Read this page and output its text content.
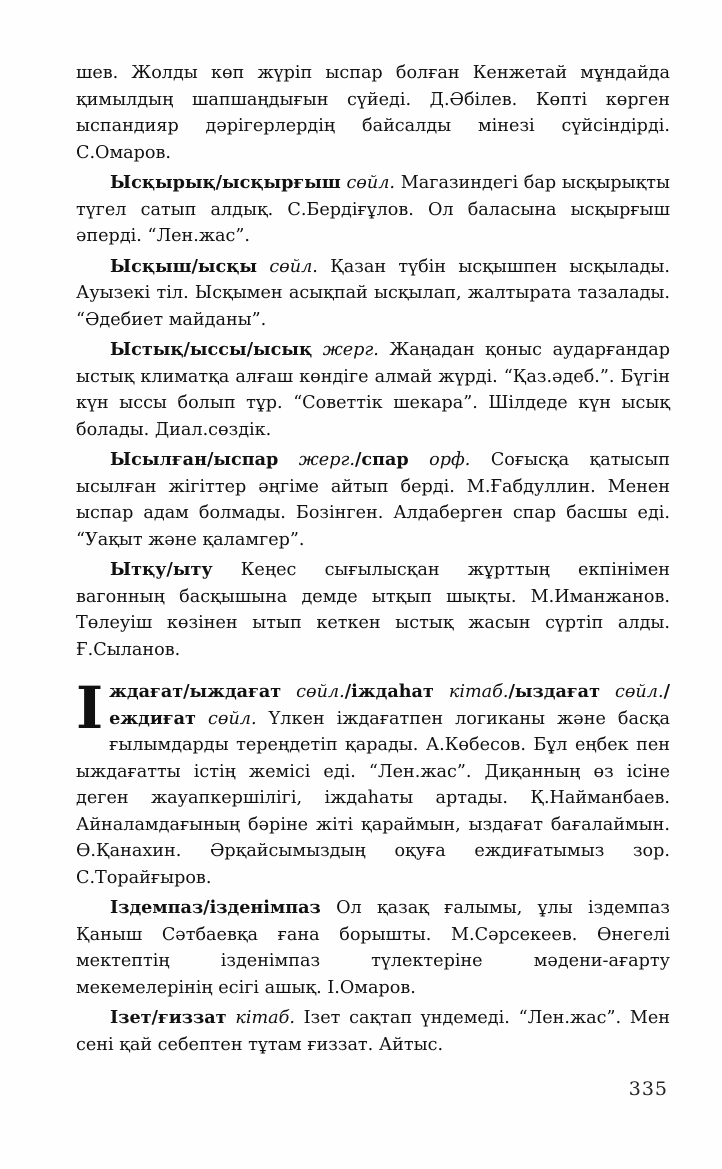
шев. Жолды көп жүріп ыспар болған Кенжетай мұндайда қимылдың шапшаңдығын сүйеді. Д.Әбілев. Көпті көрген ыспандияр дәрігерлердің байсалды мінезі сүйсіндірді. С.Омаров.

Ысқырық/ысқырғыш сөйл. Магазиндегі бар ысқырықты түгел сатып алдық. С.Бердіғұлов. Ол баласына ысқырғыш әперді. “Лен.жас”.

Ысқыш/ысқы сөйл. Қазан түбін ысқышпен ысқылады. Ауызекі тіл. Ысқымен асықпай ысқылап, жалтырата тазалады. “Әдебиет майданы”.

Ыстық/ыссы/ысық жерг. Жаңадан қоныс аударғандар ыстық климатқа алғаш көндіге алмай жүрді. “Қаз.әдеб.”. Бүгін күн ыссы болып тұр. “Советтік шекара”. Шілдеде күн ысық болады. Диал.сөздік.

Ысылған/ыспар жерг./спар орф. Соғысқа қатысып ысылған жігіттер әңгіме айтып берді. М.Ғабдуллин. Менен ыспар адам болмады. Бозінген. Алдаберген спар басшы еді. “Уақыт және қаламгер”.

Ытқу/ыту Кеңес сығылысқан жұрттың екпінімен вагонның басқышына демде ытқып шықты. М.Иманжанов. Төлеуіш көзінен ытып кеткен ыстық жасын сүртіп алды. Ғ.Сыланов.

Іждағат/ыждағат сөйл./іждаһат кітаб./ыздағат сөйл./еждиғат сөйл. Үлкен іждағатпен логиканы және басқа ғылымдарды тереңдетіп қарады. А.Көбесов. Бұл еңбек пен ыждағатты істің жемісі еді. “Лен.жас”. Диқанның өз ісіне деген жауапкершілігі, іждаһаты артады. Қ.Найманбаев. Айналамдағының бәріне жіті қараймын, ыздағат бағалаймын. Ө.Қанахин. Әрқайсымыздың оқуға еждиғатымыз зор. С.Торайғыров.

Іздемпаз/ізденімпаз Ол қазақ ғалымы, ұлы іздемпаз Қаныш Сәтбаевқа ғана борышты. М.Сәрсекеев. Өнегелі мектептің ізденімпаз түлектеріне мәдени-ағарту мекемелерінің есігі ашық. І.Омаров.

Ізет/ғиззат кітаб. Ізет сақтап үндемеді. “Лен.жас”. Мен сені қай себептен тұтам ғиззат. Айтыс.

335
